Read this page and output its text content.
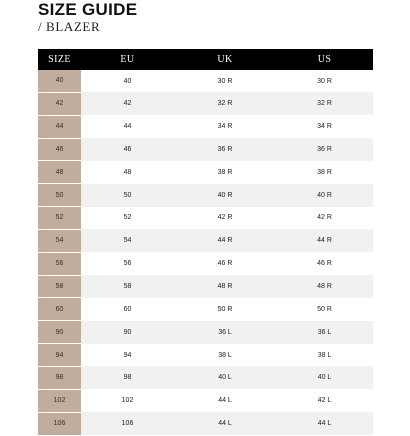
SIZE GUIDE
/ BLAZER
SIZE	EU	UK	US
40	40	30 R	30 R
42	42	32 R	32 R
44	44	34 R	34 R
46	46	36 R	36 R
48	48	38 R	38 R
50	50	40 R	40 R
52	52	42 R	42 R
54	54	44 R	44 R
56	56	46 R	46 R
58	58	48 R	48 R
60	60	50 R	50 R
90	90	36 L	36 L
94	94	38 L	38 L
98	98	40 L	40 L
102	102	44 L	42 L
106	106	44 L	44 L
